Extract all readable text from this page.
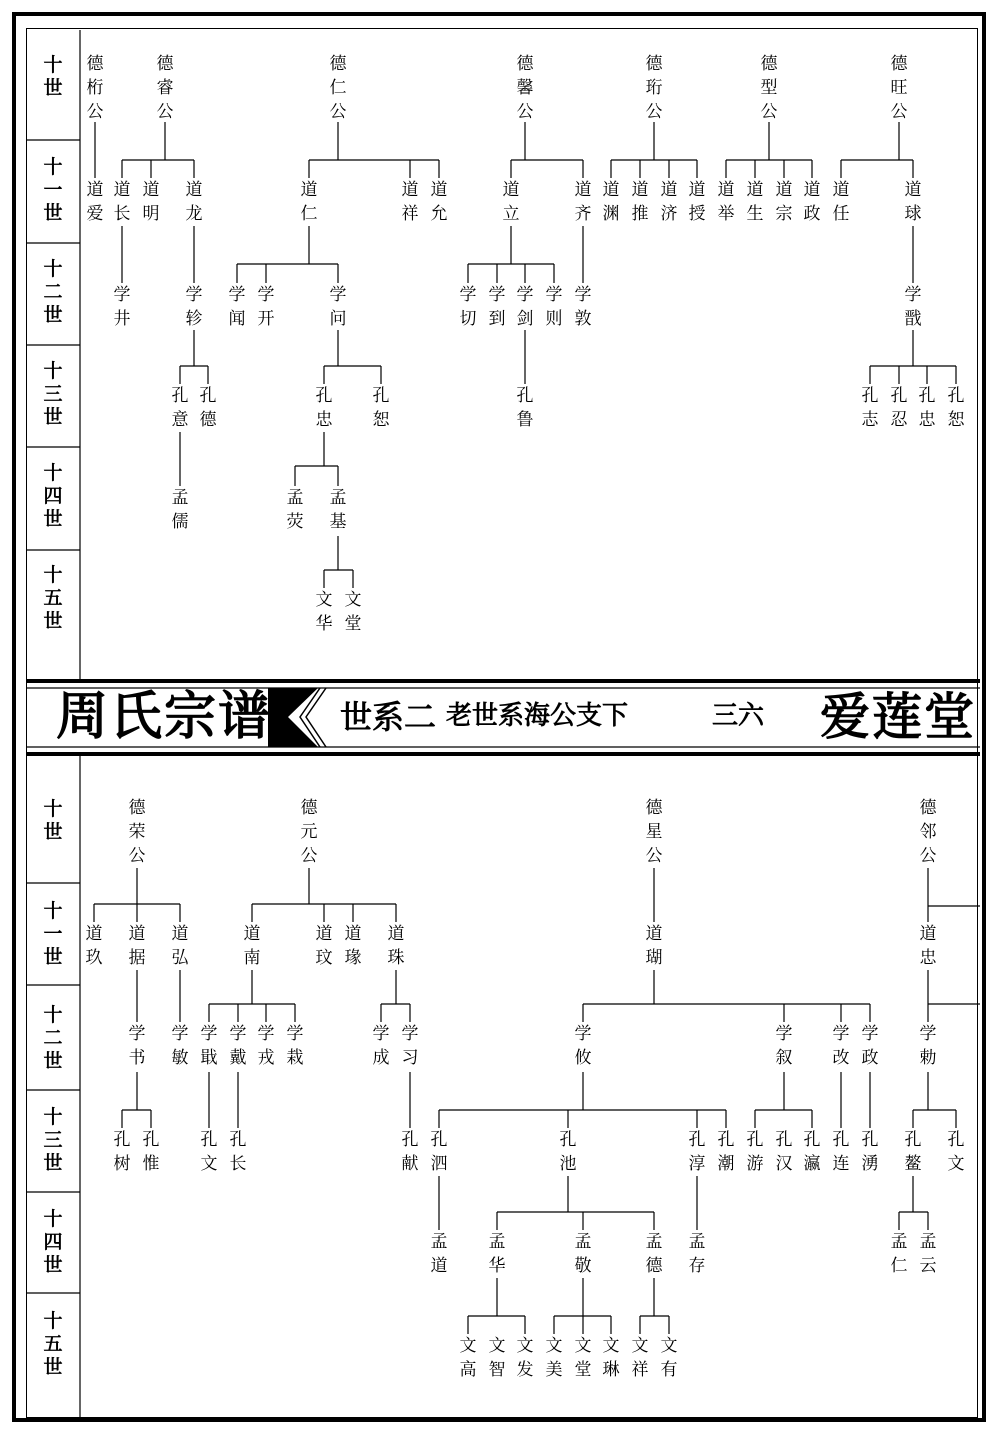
周氏宗谱 世系二 老世系海公支下	三六 爱莲堂
十世
十一世
十二世
十三世
十四世
十五世
十世
十一世
十二世
十三世
十四世
十五世
德桁公
德睿公
德仁公
德馨公
德珩公
德型公
德旺公
道爱
道长
道明
道龙
道仁
道祥
道允
道立
道齐
道渊
道推
道济
道授
道举
道生
道宗
道政
道任
道球
学井
学轸
学闻
学开
学问
学切
学到
学剑
学则
学敦
学戬
孔意
孔德
孔忠
孔恕
孔鲁
孔志
孔忍
孔忠
孔恕
孟儒
孟荧
孟基
文华
文堂
德荣公
德元公
德星公
德邻公
道玖
道据
道弘
道南
道玟
道瑑
道珠
道瑚
道忠
学书
学敏
学戢
学戴
学戎
学栽
学成
学习
学攸
学叙
学改
学政
学勅
孔树
孔惟
孔文
孔长
孔献
孔泗
孔池
孔淳
孔潮
孔游
孔汉
孔瀛
孔连
孔湧
孔鳌
孔文
孟道
孟华
孟敬
孟德
孟存
孟仁
孟云
文高
文智
文发
文美
文堂
文琳
文祥
文有
